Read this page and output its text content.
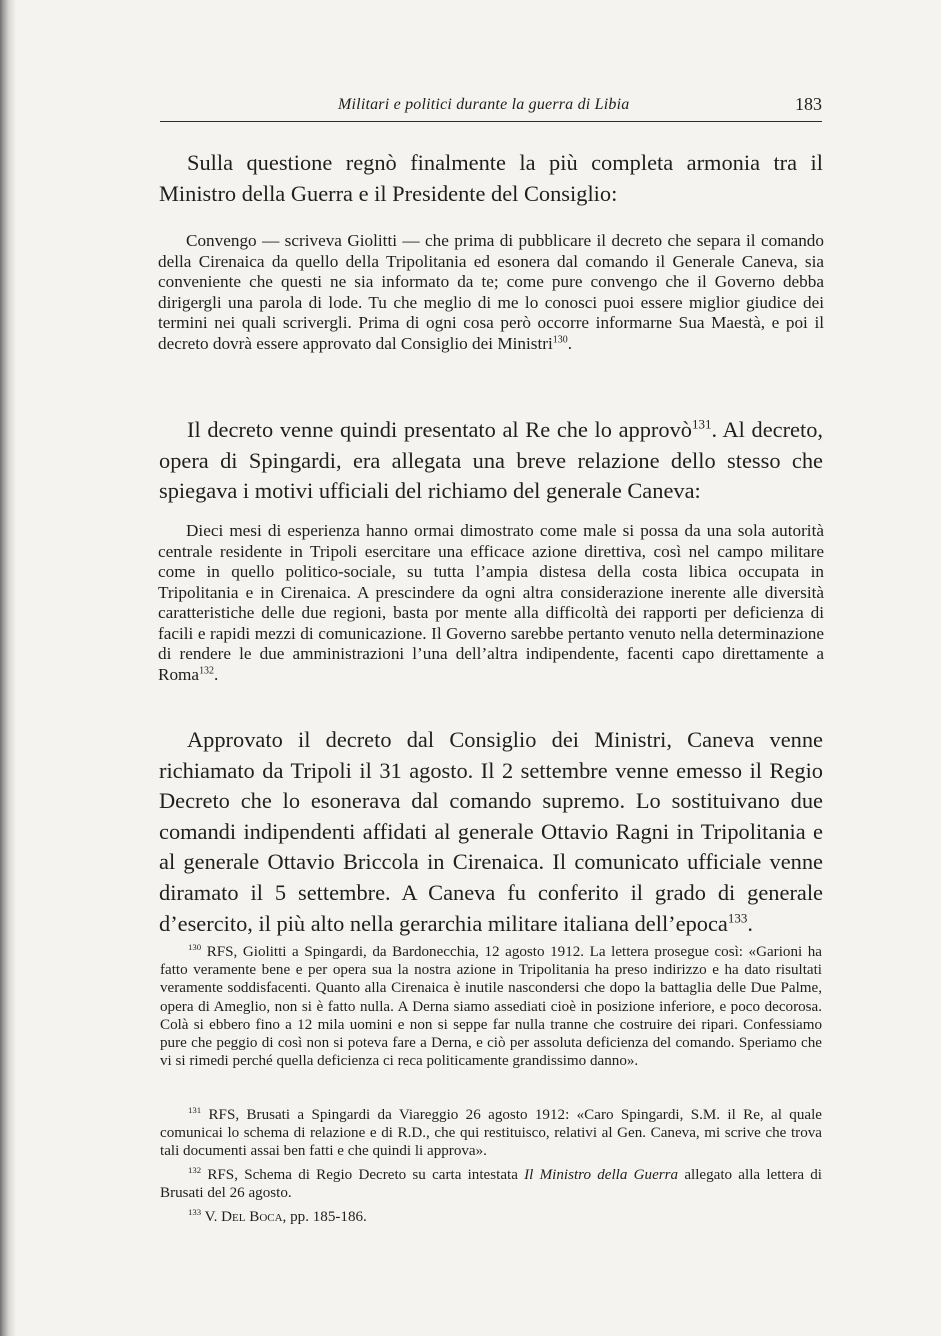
Militari e politici durante la guerra di Libia	183

Sulla questione regnò finalmente la più completa armonia tra il Ministro della Guerra e il Presidente del Consiglio:

Convengo — scriveva Giolitti — che prima di pubblicare il decreto che separa il comando della Cirenaica da quello della Tripolitania ed esonera dal comando il Generale Caneva, sia conveniente che questi ne sia informato da te; come pure convengo che il Governo debba dirigergli una parola di lode. Tu che meglio di me lo conosci puoi essere miglior giudice dei termini nei quali scrivergli. Prima di ogni cosa però occorre informarne Sua Maestà, e poi il decreto dovrà essere approvato dal Consiglio dei Ministri$^{130}$.

Il decreto venne quindi presentato al Re che lo approvò$^{131}$. Al decreto, opera di Spingardi, era allegata una breve relazione dello stesso che spiegava i motivi ufficiali del richiamo del generale Caneva:

Dieci mesi di esperienza hanno ormai dimostrato come male si possa da una sola autorità centrale residente in Tripoli esercitare una efficace azione direttiva, così nel campo militare come in quello politico-sociale, su tutta l’ampia distesa della costa libica occupata in Tripolitania e in Cirenaica. A prescindere da ogni altra considerazione inerente alle diversità caratteristiche delle due regioni, basta por mente alla difficoltà dei rapporti per deficienza di facili e rapidi mezzi di comunicazione. Il Governo sarebbe pertanto venuto nella determinazione di rendere le due amministrazioni l’una dell’altra indipendente, facenti capo direttamente a Roma$^{132}$.

Approvato il decreto dal Consiglio dei Ministri, Caneva venne richiamato da Tripoli il 31 agosto. Il 2 settembre venne emesso il Regio Decreto che lo esonerava dal comando supremo. Lo sostituivano due comandi indipendenti affidati al generale Ottavio Ragni in Tripolitania e al generale Ottavio Briccola in Cirenaica. Il comunicato ufficiale venne diramato il 5 settembre. A Caneva fu conferito il grado di generale d’esercito, il più alto nella gerarchia militare italiana dell’epoca$^{133}$.

$^{130}$ RFS, Giolitti a Spingardi, da Bardonecchia, 12 agosto 1912. La lettera prosegue così: «Garioni ha fatto veramente bene e per opera sua la nostra azione in Tripolitania ha preso indirizzo e ha dato risultati veramente soddisfacenti. Quanto alla Cirenaica è inutile nascondersi che dopo la battaglia delle Due Palme, opera di Ameglio, non si è fatto nulla. A Derna siamo assediati cioè in posizione inferiore, e poco decorosa. Colà si ebbero fino a 12 mila uomini e non si seppe far nulla tranne che costruire dei ripari. Confessiamo pure che peggio di così non si poteva fare a Derna, e ciò per assoluta deficienza del comando. Speriamo che vi si rimedi perché quella deficienza ci reca politicamente grandissimo danno».

$^{131}$ RFS, Brusati a Spingardi da Viareggio 26 agosto 1912: «Caro Spingardi, S.M. il Re, al quale comunicai lo schema di relazione e di R.D., che qui restituisco, relativi al Gen. Caneva, mi scrive che trova tali documenti assai ben fatti e che quindi li approva».

$^{132}$ RFS, Schema di Regio Decreto su carta intestata Il Ministro della Guerra allegato alla lettera di Brusati del 26 agosto.

$^{133}$ V. Del Boca, pp. 185-186.
